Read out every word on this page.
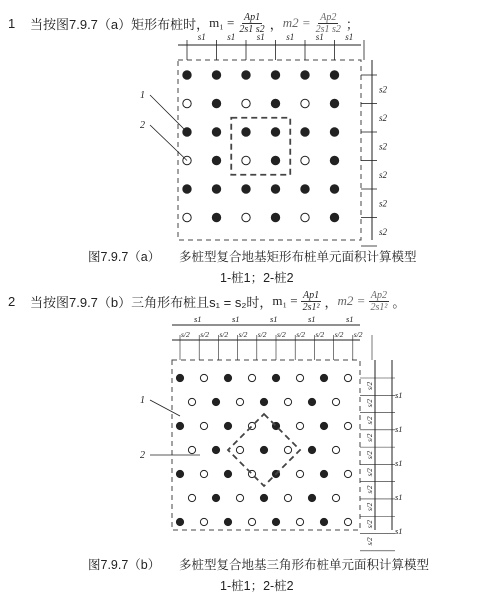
1	当按图7.9.7（a）矩形布桩时， $m_1 = \frac{Ap1}{2s1 s2}$ ， $m2 = \frac{Ap2}{2s1 s2}$ ；
s1 s1 s1 s1 s1 s1
s2
s2
s2
s2
s2
s2
1
2
s1	s1	s1	s1	s1
s/2 s/2 s/2 s/2 s/2 s/2 s/2 s/2 s/2 s/2
s/2
s/2
s/2
s/2
s/2
s/2
s/2
s/2
s/2
s/2
s1
s1
s1
s1
s1
1
2
图7.9.7（a）　　多桩型复合地基矩形布桩单元面积计算模型
1-桩1；2-桩2
2	当按图7.9.7（b）三角形布桩且s₁ = s₂时， $m_1 = \frac{Ap1}{\text{2s1²}}$ ， $m2 = \frac{Ap2}{\text{2s1²}}$ 。
图7.9.7（b）　　多桩型复合地基三角形布桩单元面积计算模型
1-桩1；2-桩2
